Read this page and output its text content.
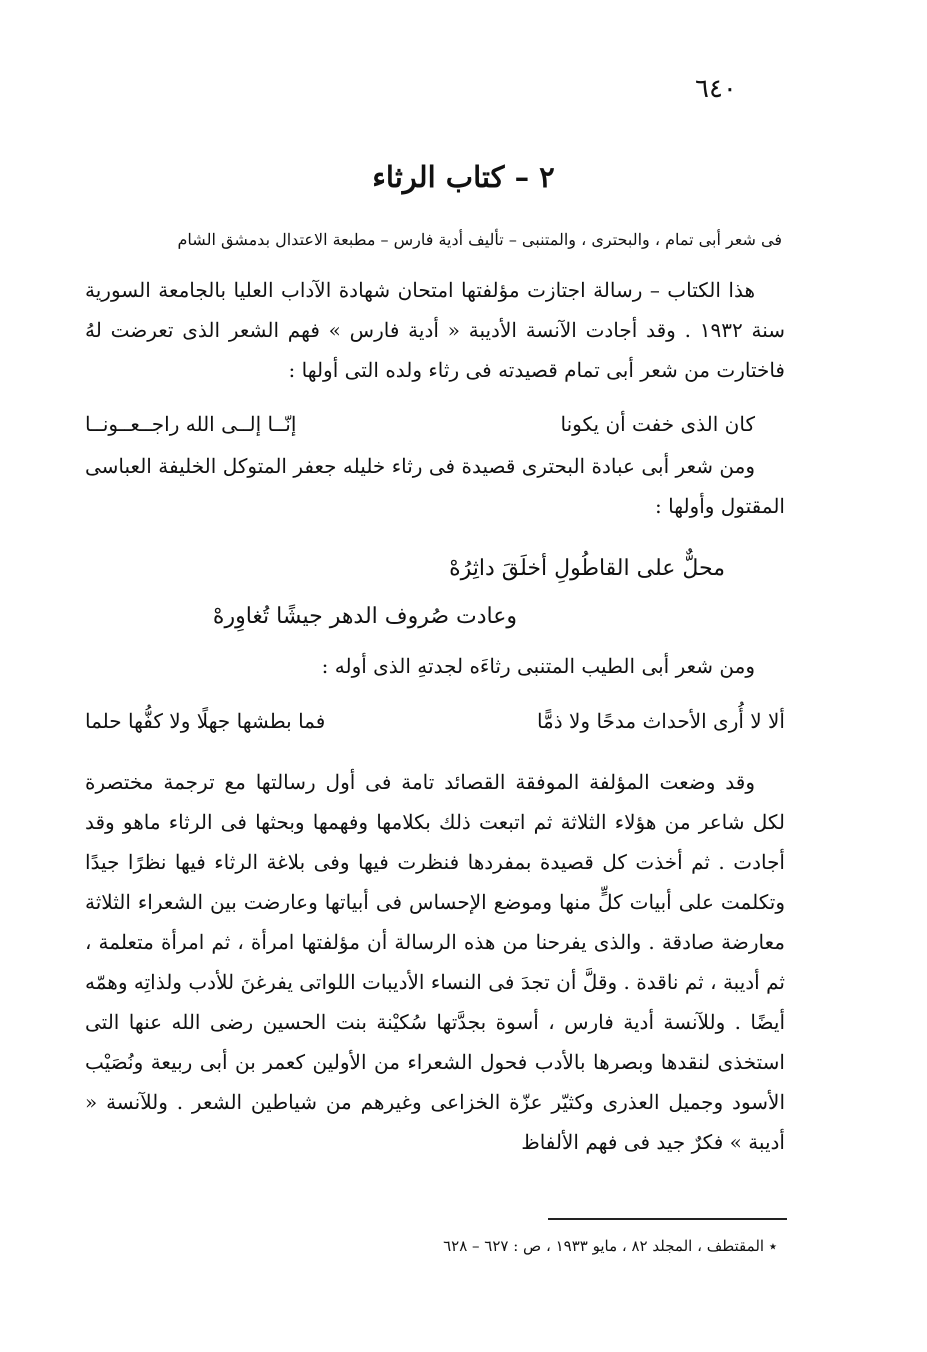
٦٤٠
٢ – كتاب الرثاء
فى شعر أبى تمام ، والبحترى ، والمتنبى – تأليف أدية فارس – مطبعة الاعتدال بدمشق الشام

هذا الكتاب – رسالة اجتازت مؤلفتها امتحان شهادة الآداب العليا بالجامعة السورية سنة ١٩٣٢ . وقد أجادت الآنسة الأديبة « أدية فارس » فهم الشعر الذى تعرضت لهُ فاختارت من شعر أبى تمام قصيدته فى رثاء ولده التى أولها :

كان الذى خفت أن يكونا
إنّــا إلــى الله راجــعــونــا

ومن شعر أبى عبادة البحترى قصيدة فى رثاء خليله جعفر المتوكل الخليفة العباسى المقتول وأولها :

محلٌّ على القاطُولِ أخلَقَ داثِرُهْ
وعادت صُروف الدهر جيشًا تُغاوِرهْ

ومن شعر أبى الطيب المتنبى رثاءَه لجدتهِ الذى أوله :

ألا لا أُرى الأحداث مدحًا ولا ذمًّا
فما بطشها جهلًا ولا كفُّها حلما

وقد وضعت المؤلفة الموفقة القصائد تامة فى أول رسالتها مع ترجمة مختصرة لكل شاعر من هؤلاء الثلاثة ثم اتبعت ذلك بكلامها وفهمها وبحثها فى الرثاء ماهو وقد أجادت . ثم أخذت كل قصيدة بمفردها فنظرت فيها وفى بلاغة الرثاء فيها نظرًا جيدًا وتكلمت على أبيات كلٍّ منها وموضع الإحساس فى أبياتها وعارضت بين الشعراء الثلاثة معارضة صادقة . والذى يفرحنا من هذه الرسالة أن مؤلفتها امرأة ، ثم امرأة متعلمة ، ثم أديبة ، ثم ناقدة . وقلَّ أن تجدَ فى النساء الأديبات اللواتى يفرغنَ للأدب ولذاتِه وهمّه أيضًا . وللآنسة أدية فارس ، أسوة بجدَّتها سُكيْنة بنت الحسين رضى الله عنها التى استخذى لنقدها وبصرها بالأدب فحول الشعراء من الأولين كعمر بن أبى ربيعة ونُصَيْب الأسود وجميل العذرى وكثيّر عزّة الخزاعى وغيرهم من شياطين الشعر . وللآنسة « أديبة » فكرٌ جيد فى فهم الألفاظ

٭ المقتطف ، المجلد ٨٢ ، مايو ١٩٣٣ ، ص : ٦٢٧ – ٦٢٨
